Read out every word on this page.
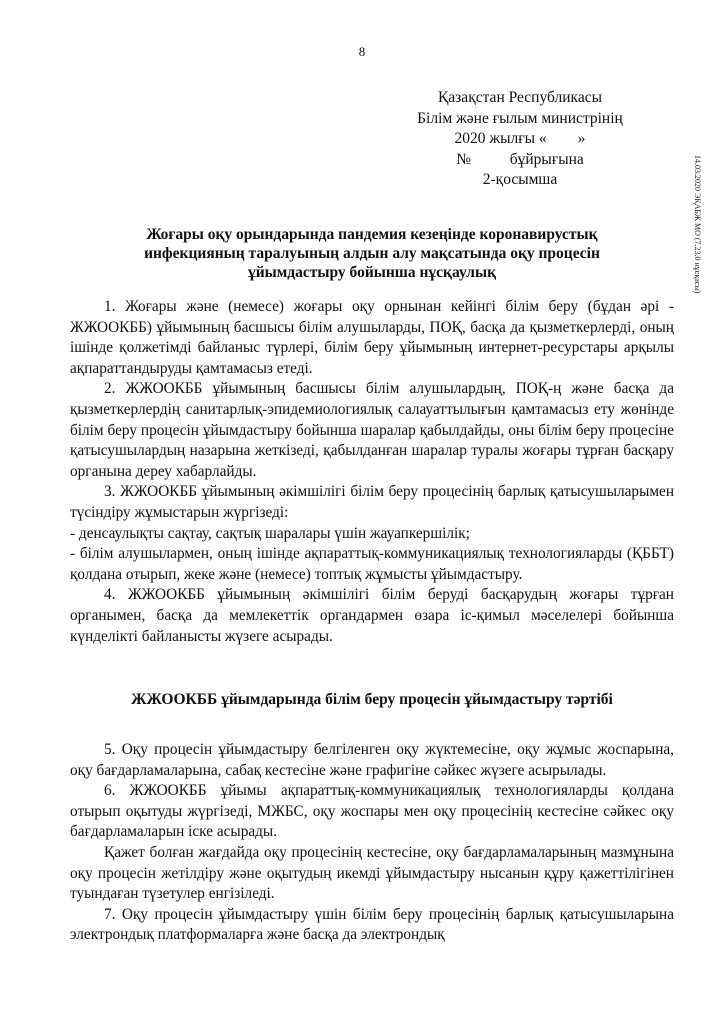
8
Қазақстан Республикасы
Білім және ғылым министрінің
2020 жылғы «        »
№          бұйрығына
2-қосымша	14.03.2020 ЭҚАБЖ МО (7.23.0 нұсқасы)
Жоғары оқу орындарында пандемия кезеңінде коронавирустық
инфекцияның таралуының алдын алу мақсатында оқу процесін
ұйымдастыру бойынша нұсқаулық

1. Жоғары және (немесе) жоғары оқу орнынан кейінгі білім беру (бұдан әрі - ЖЖООКББ) ұйымының басшысы білім алушыларды, ПОҚ, басқа да қызметкерлерді, оның ішінде қолжетімді байланыс түрлері, білім беру ұйымының интернет-ресурстары арқылы ақпараттандыруды қамтамасыз етеді.

2. ЖЖООКББ ұйымының басшысы білім алушылардың, ПОҚ-ң және басқа да қызметкерлердің санитарлық-эпидемиологиялық салауаттылығын қамтамасыз ету жөнінде білім беру процесін ұйымдастыру бойынша шаралар қабылдайды, оны білім беру процесіне қатысушылардың назарына жеткізеді, қабылданған шаралар туралы жоғары тұрған басқару органына дереу хабарлайды.

3. ЖЖООКББ ұйымының әкімшілігі білім беру процесінің барлық қатысушыларымен түсіндіру жұмыстарын жүргізеді:

- денсаулықты сақтау, сақтық шаралары үшін жауапкершілік;

- білім алушылармен, оның ішінде ақпараттық-коммуникациялық технологияларды (ҚББТ) қолдана отырып, жеке және (немесе) топтық жұмысты ұйымдастыру.

4. ЖЖООКББ ұйымының әкімшілігі білім беруді басқарудың жоғары тұрған органымен, басқа да мемлекеттік органдармен өзара іс-қимыл мәселелері бойынша күнделікті байланысты жүзеге асырады.

ЖЖООКББ ұйымдарында білім беру процесін ұйымдастыру тәртібі

5. Оқу процесін ұйымдастыру белгіленген оқу жүктемесіне, оқу жұмыс жоспарына, оқу бағдарламаларына, сабақ кестесіне және графигіне сәйкес жүзеге асырылады.

6. ЖЖООКББ ұйымы ақпараттық-коммуникациялық технологияларды қолдана отырып оқытуды жүргізеді, МЖБС, оқу жоспары мен оқу процесінің кестесіне сәйкес оқу бағдарламаларын іске асырады.

Қажет болған жағдайда оқу процесінің кестесіне, оқу бағдарламаларының мазмұнына оқу процесін жетілдіру және оқытудың икемді ұйымдастыру нысанын құру қажеттілігінен туындаған түзетулер енгізіледі.

7. Оқу процесін ұйымдастыру үшін білім беру процесінің барлық қатысушыларына электрондық платформаларға және басқа да электрондық
